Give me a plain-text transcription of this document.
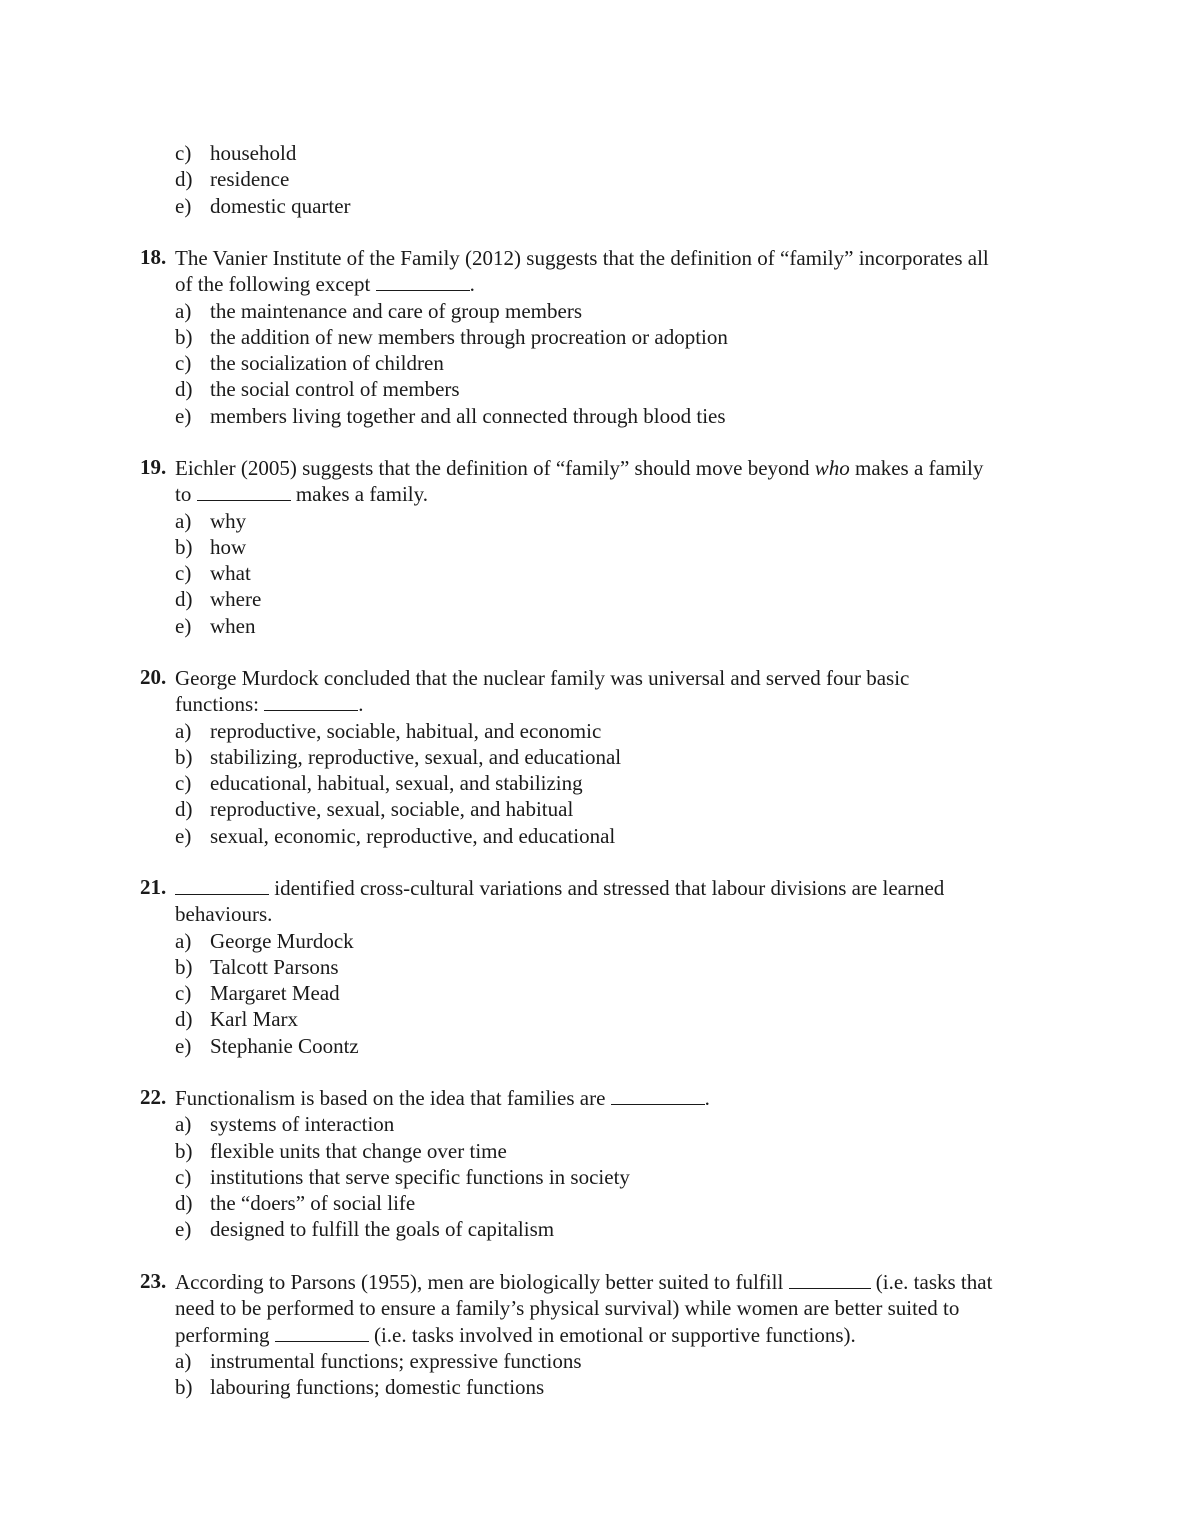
c) household
d) residence
e) domestic quarter
18. The Vanier Institute of the Family (2012) suggests that the definition of “family” incorporates all
of the following except	.
a) the maintenance and care of group members
b) the addition of new members through procreation or adoption
c) the socialization of children
d) the social control of members
e) members living together and all connected through blood ties
19. Eichler (2005) suggests that the definition of “family” should move beyond who makes a family
to	makes a family.
a) why
b) how
c) what
d) where
e) when
20. George Murdock concluded that the nuclear family was universal and served four basic
functions:	.
a) reproductive, sociable, habitual, and economic
b) stabilizing, reproductive, sexual, and educational
c) educational, habitual, sexual, and stabilizing
d) reproductive, sexual, sociable, and habitual
e) sexual, economic, reproductive, and educational
21.	identified cross-cultural variations and stressed that labour divisions are learned
behaviours.
a) George Murdock
b) Talcott Parsons
c) Margaret Mead
d) Karl Marx
e) Stephanie Coontz
22. Functionalism is based on the idea that families are	.
a) systems of interaction
b) flexible units that change over time
c) institutions that serve specific functions in society
d) the “doers” of social life
e) designed to fulfill the goals of capitalism
23. According to Parsons (1955), men are biologically better suited to fulfill	(i.e. tasks that
need to be performed to ensure a family’s physical survival) while women are better suited to
performing	(i.e. tasks involved in emotional or supportive functions).
a) instrumental functions; expressive functions
b) labouring functions; domestic functions
